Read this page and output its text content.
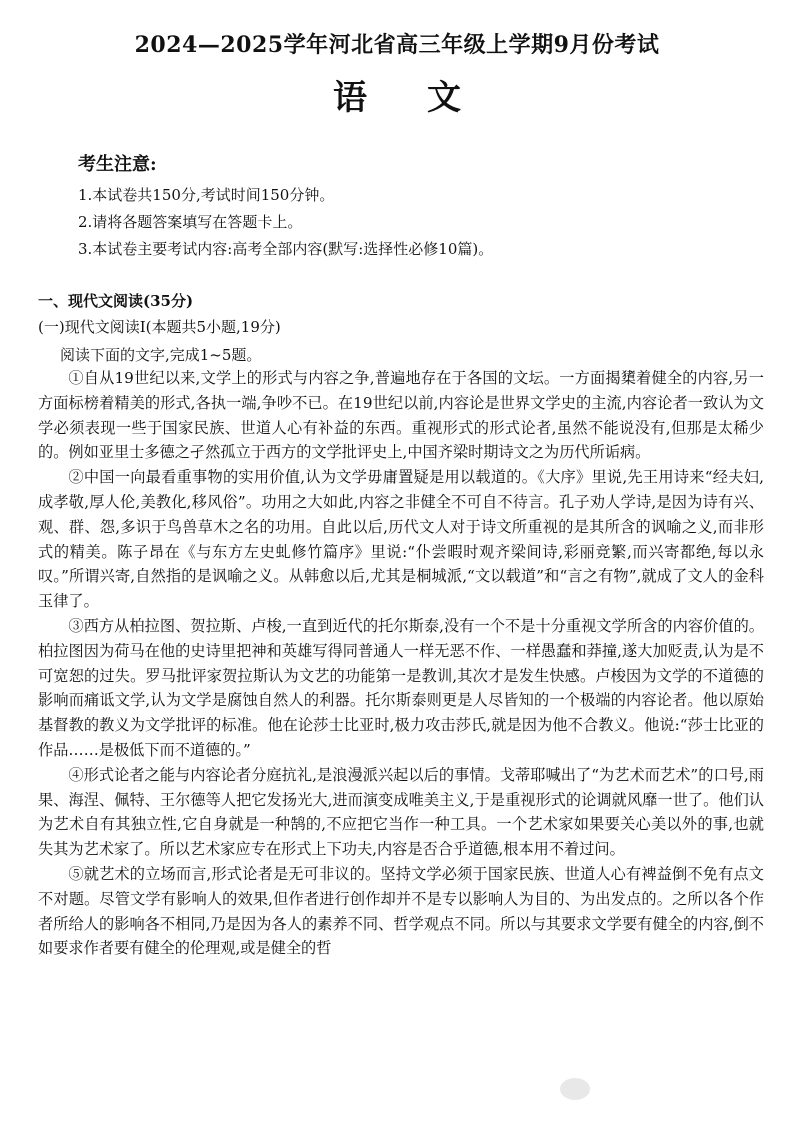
2024—2025学年河北省高三年级上学期9月份考试
语文
考生注意:
1.本试卷共150分,考试时间150分钟。
2.请将各题答案填写在答题卡上。
3.本试卷主要考试内容:高考全部内容(默写:选择性必修10篇)。
一、现代文阅读(35分)
(一)现代文阅读Ⅰ(本题共5小题,19分)
阅读下面的文字,完成1~5题。

①自从19世纪以来,文学上的形式与内容之争,普遍地存在于各国的文坛。一方面揭橥着健全的内容,另一方面标榜着精美的形式,各执一端,争吵不已。在19世纪以前,内容论是世界文学史的主流,内容论者一致认为文学必须表现一些于国家民族、世道人心有补益的东西。重视形式的形式论者,虽然不能说没有,但那是太稀少的。例如亚里士多德之孑然孤立于西方的文学批评史上,中国齐梁时期诗文之为历代所诟病。

②中国一向最看重事物的实用价值,认为文学毋庸置疑是用以载道的。《大序》里说,先王用诗来“经夫妇,成孝敬,厚人伦,美教化,移风俗”。功用之大如此,内容之非健全不可自不待言。孔子劝人学诗,是因为诗有兴、观、群、怨,多识于鸟兽草木之名的功用。自此以后,历代文人对于诗文所重视的是其所含的讽喻之义,而非形式的精美。陈子昂在《与东方左史虬修竹篇序》里说:“仆尝暇时观齐梁间诗,彩丽竞繁,而兴寄都绝,每以永叹。”所谓兴寄,自然指的是讽喻之义。从韩愈以后,尤其是桐城派,“文以载道”和“言之有物”,就成了文人的金科玉律了。

③西方从柏拉图、贺拉斯、卢梭,一直到近代的托尔斯泰,没有一个不是十分重视文学所含的内容价值的。柏拉图因为荷马在他的史诗里把神和英雄写得同普通人一样无恶不作、一样愚蠢和莽撞,遂大加贬责,认为是不可宽恕的过失。罗马批评家贺拉斯认为文艺的功能第一是教训,其次才是发生快感。卢梭因为文学的不道德的影响而痛诋文学,认为文学是腐蚀自然人的利器。托尔斯泰则更是人尽皆知的一个极端的内容论者。他以原始基督教的教义为文学批评的标准。他在论莎士比亚时,极力攻击莎氏,就是因为他不合教义。他说:“莎士比亚的作品……是极低下而不道德的。”

④形式论者之能与内容论者分庭抗礼,是浪漫派兴起以后的事情。戈蒂耶喊出了“为艺术而艺术”的口号,雨果、海涅、佩特、王尔德等人把它发扬光大,进而演变成唯美主义,于是重视形式的论调就风靡一世了。他们认为艺术自有其独立性,它自身就是一种鹄的,不应把它当作一种工具。一个艺术家如果要关心美以外的事,也就失其为艺术家了。所以艺术家应专在形式上下功夫,内容是否合乎道德,根本用不着过问。

⑤就艺术的立场而言,形式论者是无可非议的。坚持文学必须于国家民族、世道人心有裨益倒不免有点文不对题。尽管文学有影响人的效果,但作者进行创作却并不是专以影响人为目的、为出发点的。之所以各个作者所给人的影响各不相同,乃是因为各人的素养不同、哲学观点不同。所以与其要求文学要有健全的内容,倒不如要求作者要有健全的伦理观,或是健全的哲
